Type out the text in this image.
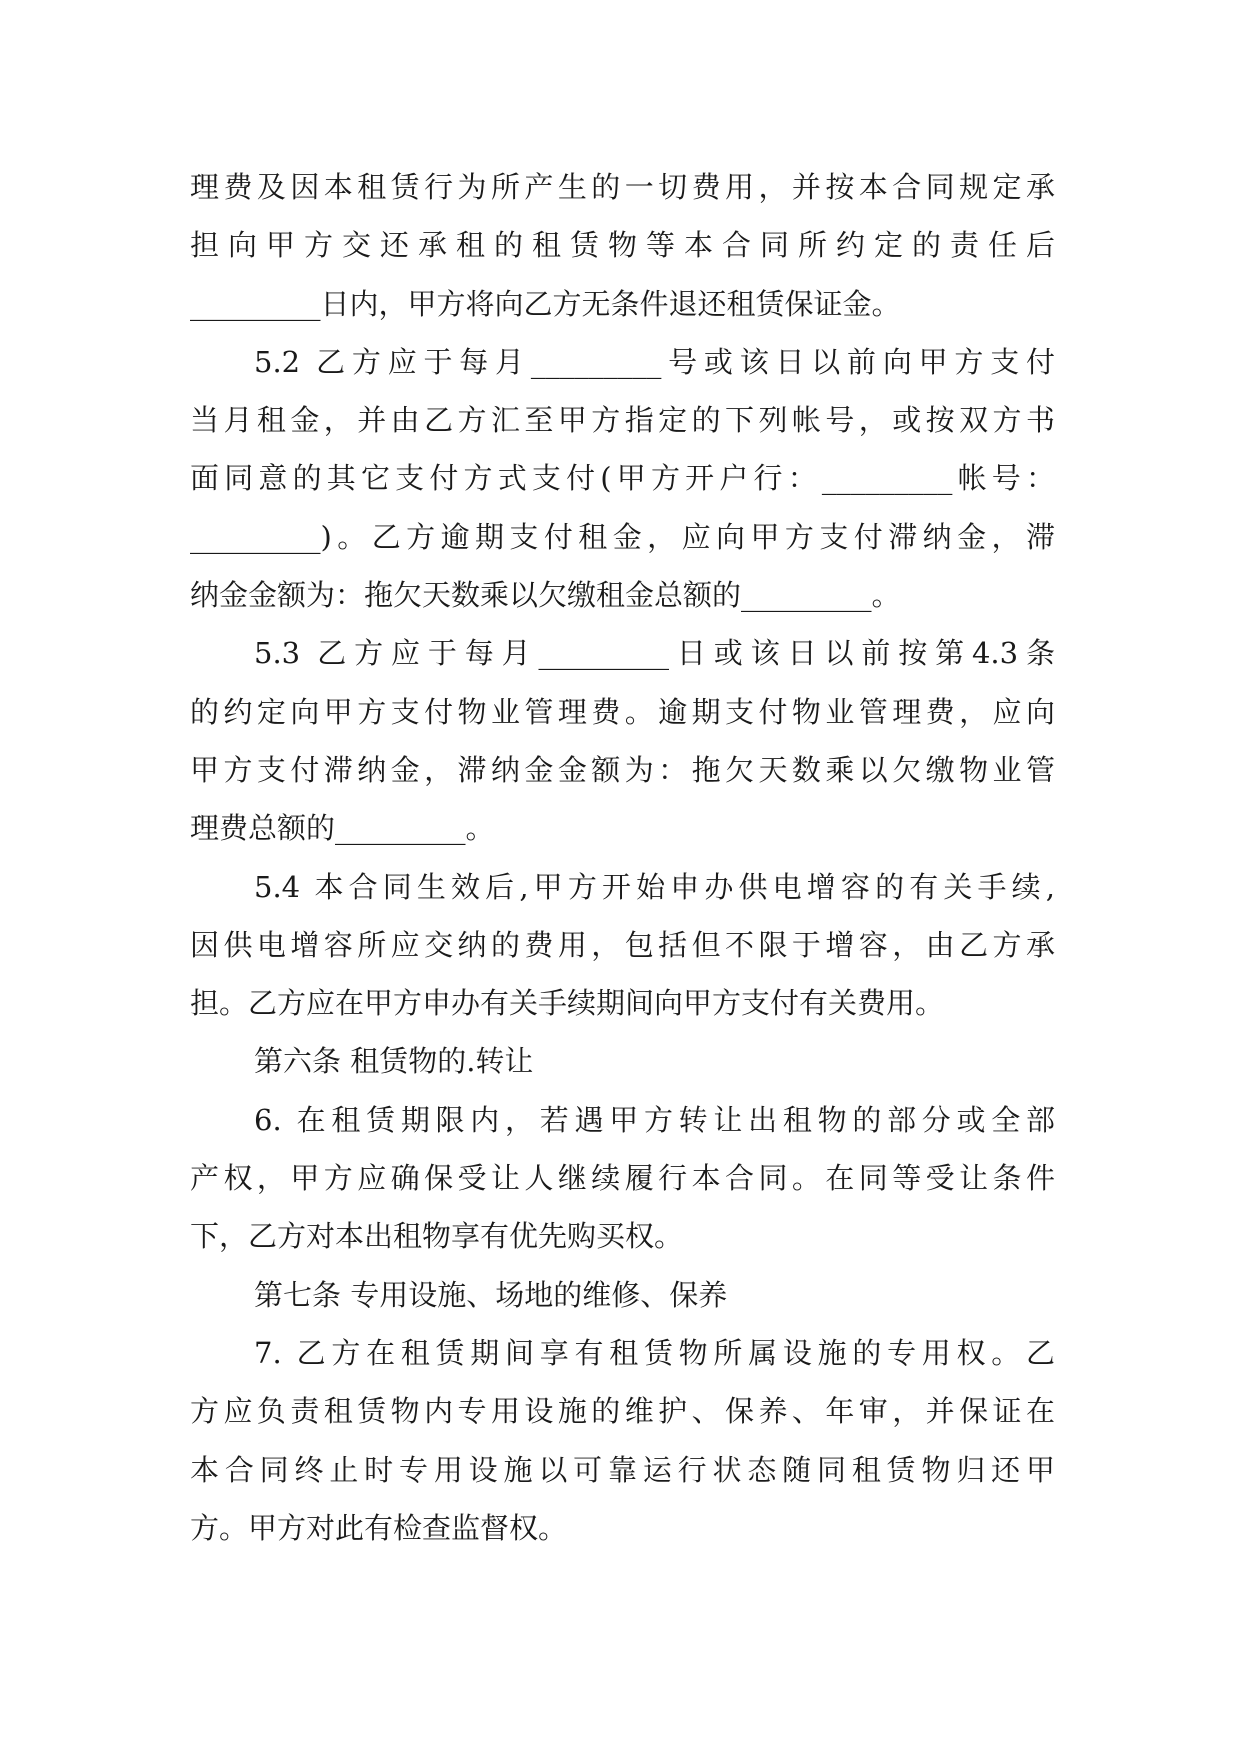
理费及因本租赁行为所产生的一切费用，并按本合同规定承
担向甲方交还承租的租赁物等本合同所约定的责任后
_________日内，甲方将向乙方无条件退还租赁保证金。
5.2 乙方应于每月_________号或该日以前向甲方支付
当月租金，并由乙方汇至甲方指定的下列帐号，或按双方书
面同意的其它支付方式支付(甲方开户行：_________帐号：
_________)。乙方逾期支付租金，应向甲方支付滞纳金，滞
纳金金额为：拖欠天数乘以欠缴租金总额的_________。
5.3 乙方应于每月_________日或该日以前按第4.3条
的约定向甲方支付物业管理费。逾期支付物业管理费，应向
甲方支付滞纳金，滞纳金金额为：拖欠天数乘以欠缴物业管
理费总额的_________。
5.4 本合同生效后,甲方开始申办供电增容的有关手续,
因供电增容所应交纳的费用，包括但不限于增容，由乙方承
担。乙方应在甲方申办有关手续期间向甲方支付有关费用。
第六条 租赁物的.转让
6. 在租赁期限内，若遇甲方转让出租物的部分或全部
产权，甲方应确保受让人继续履行本合同。在同等受让条件
下，乙方对本出租物享有优先购买权。
第七条 专用设施、场地的维修、保养
7. 乙方在租赁期间享有租赁物所属设施的专用权。乙
方应负责租赁物内专用设施的维护、保养、年审，并保证在
本合同终止时专用设施以可靠运行状态随同租赁物归还甲
方。甲方对此有检查监督权。
